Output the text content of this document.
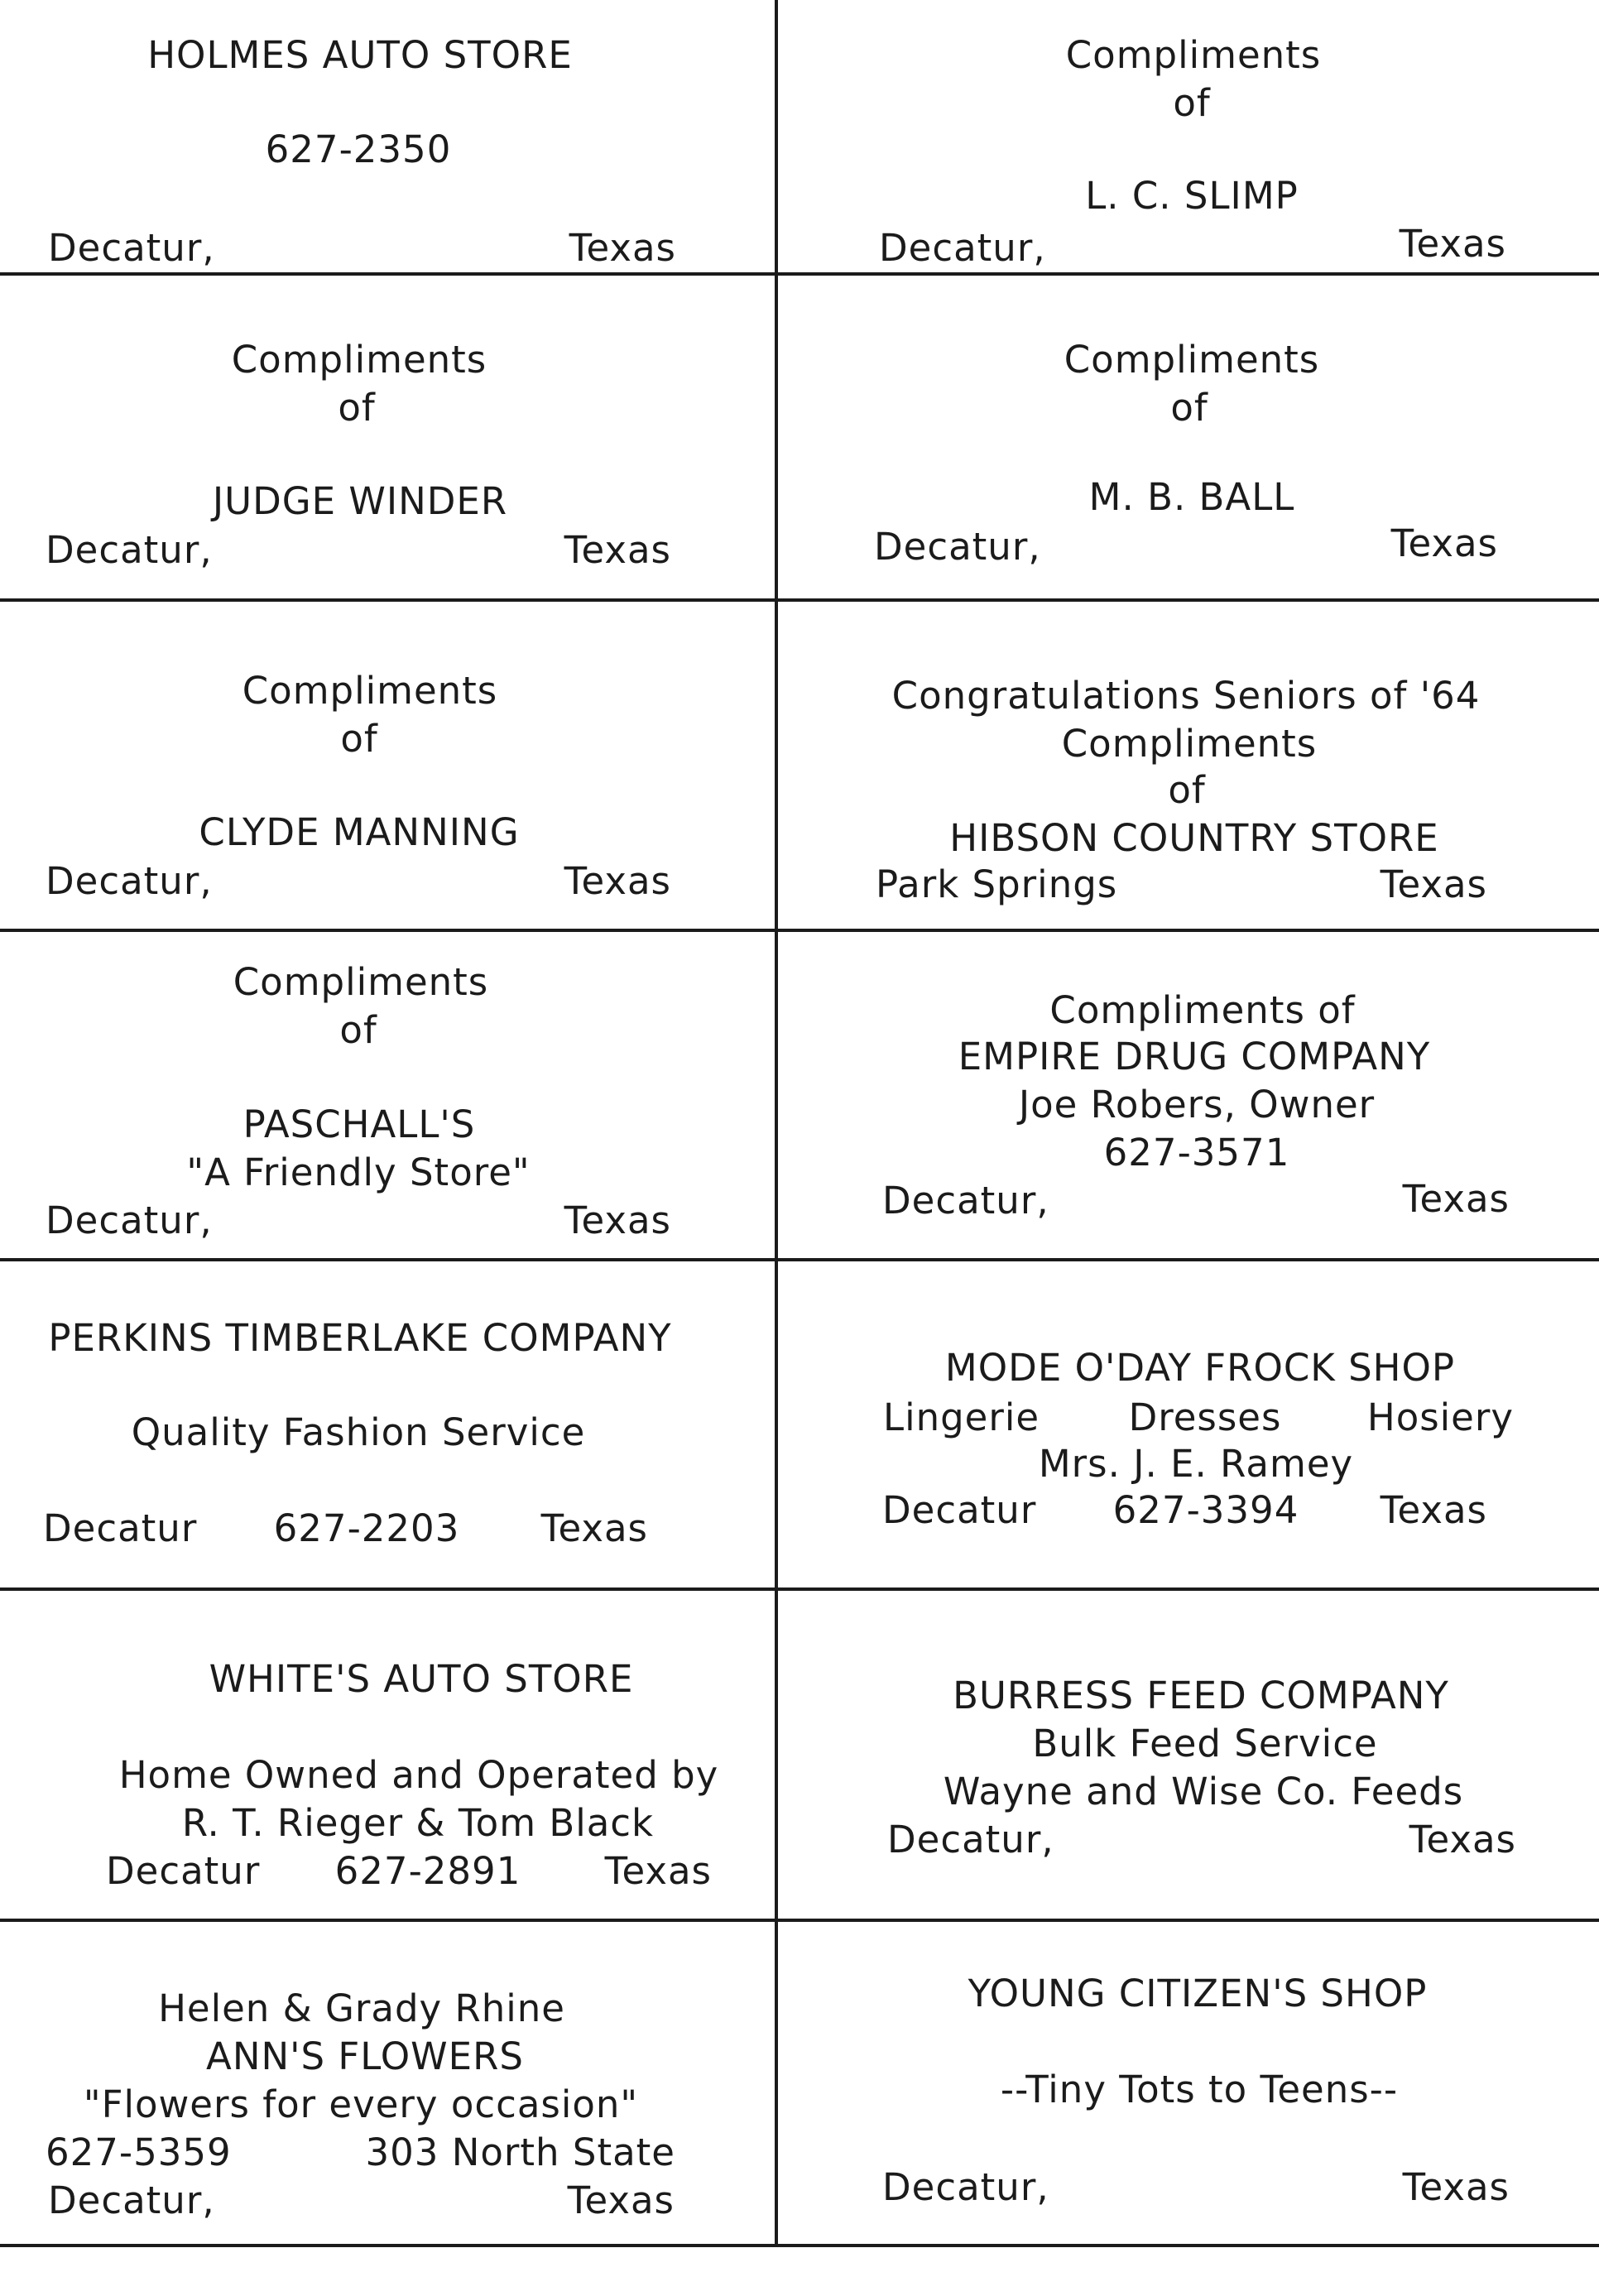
HOLMES AUTO STORE
627-2350
Decatur,	Texas
Compliments
of
L. C. SLIMP
Decatur,	Texas
Compliments
of
JUDGE WINDER
Decatur,	Texas
Compliments
of
M. B. BALL
Decatur,	Texas
Compliments
of
CLYDE MANNING
Decatur,	Texas
Congratulations Seniors of '64
Compliments
of
HIBSON COUNTRY STORE
Park Springs	Texas
Compliments
of
PASCHALL'S
"A Friendly Store"
Decatur,	Texas
Compliments of
EMPIRE DRUG COMPANY
Joe Robers, Owner
627-3571
Decatur,	Texas
PERKINS TIMBERLAKE COMPANY
Quality Fashion Service
Decatur 627-2203 Texas
MODE O'DAY FROCK SHOP
Lingerie Dresses Hosiery
Mrs. J. E. Ramey
Decatur 627-3394 Texas
WHITE'S AUTO STORE
Home Owned and Operated by
R. T. Rieger & Tom Black
Decatur 627-2891 Texas
BURRESS FEED COMPANY
Bulk Feed Service
Wayne and Wise Co. Feeds
Decatur,	Texas
Helen & Grady Rhine
ANN'S FLOWERS
"Flowers for every occasion"
627-5359	303 North State
Decatur,	Texas
YOUNG CITIZEN'S SHOP
--Tiny Tots to Teens--
Decatur,	Texas
